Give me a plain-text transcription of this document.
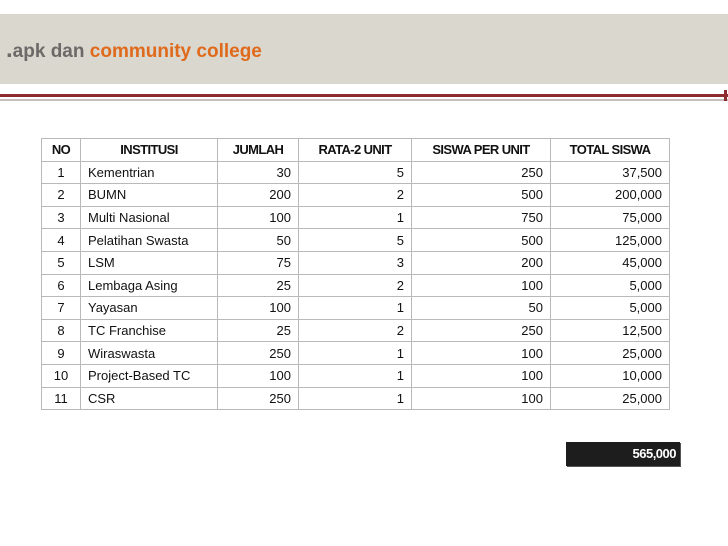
.apk dan community college
NO	INSTITUSI	JUMLAH	RATA-2 UNIT	SISWA PER UNIT	TOTAL SISWA
1	Kementrian	30	5	250	37,500
2	BUMN	200	2	500	200,000
3	Multi Nasional	100	1	750	75,000
4	Pelatihan Swasta	50	5	500	125,000
5	LSM	75	3	200	45,000
6	Lembaga Asing	25	2	100	5,000
7	Yayasan	100	1	50	5,000
8	TC Franchise	25	2	250	12,500
9	Wiraswasta	250	1	100	25,000
10	Project-Based TC	100	1	100	10,000
11	CSR	250	1	100	25,000
565,000
